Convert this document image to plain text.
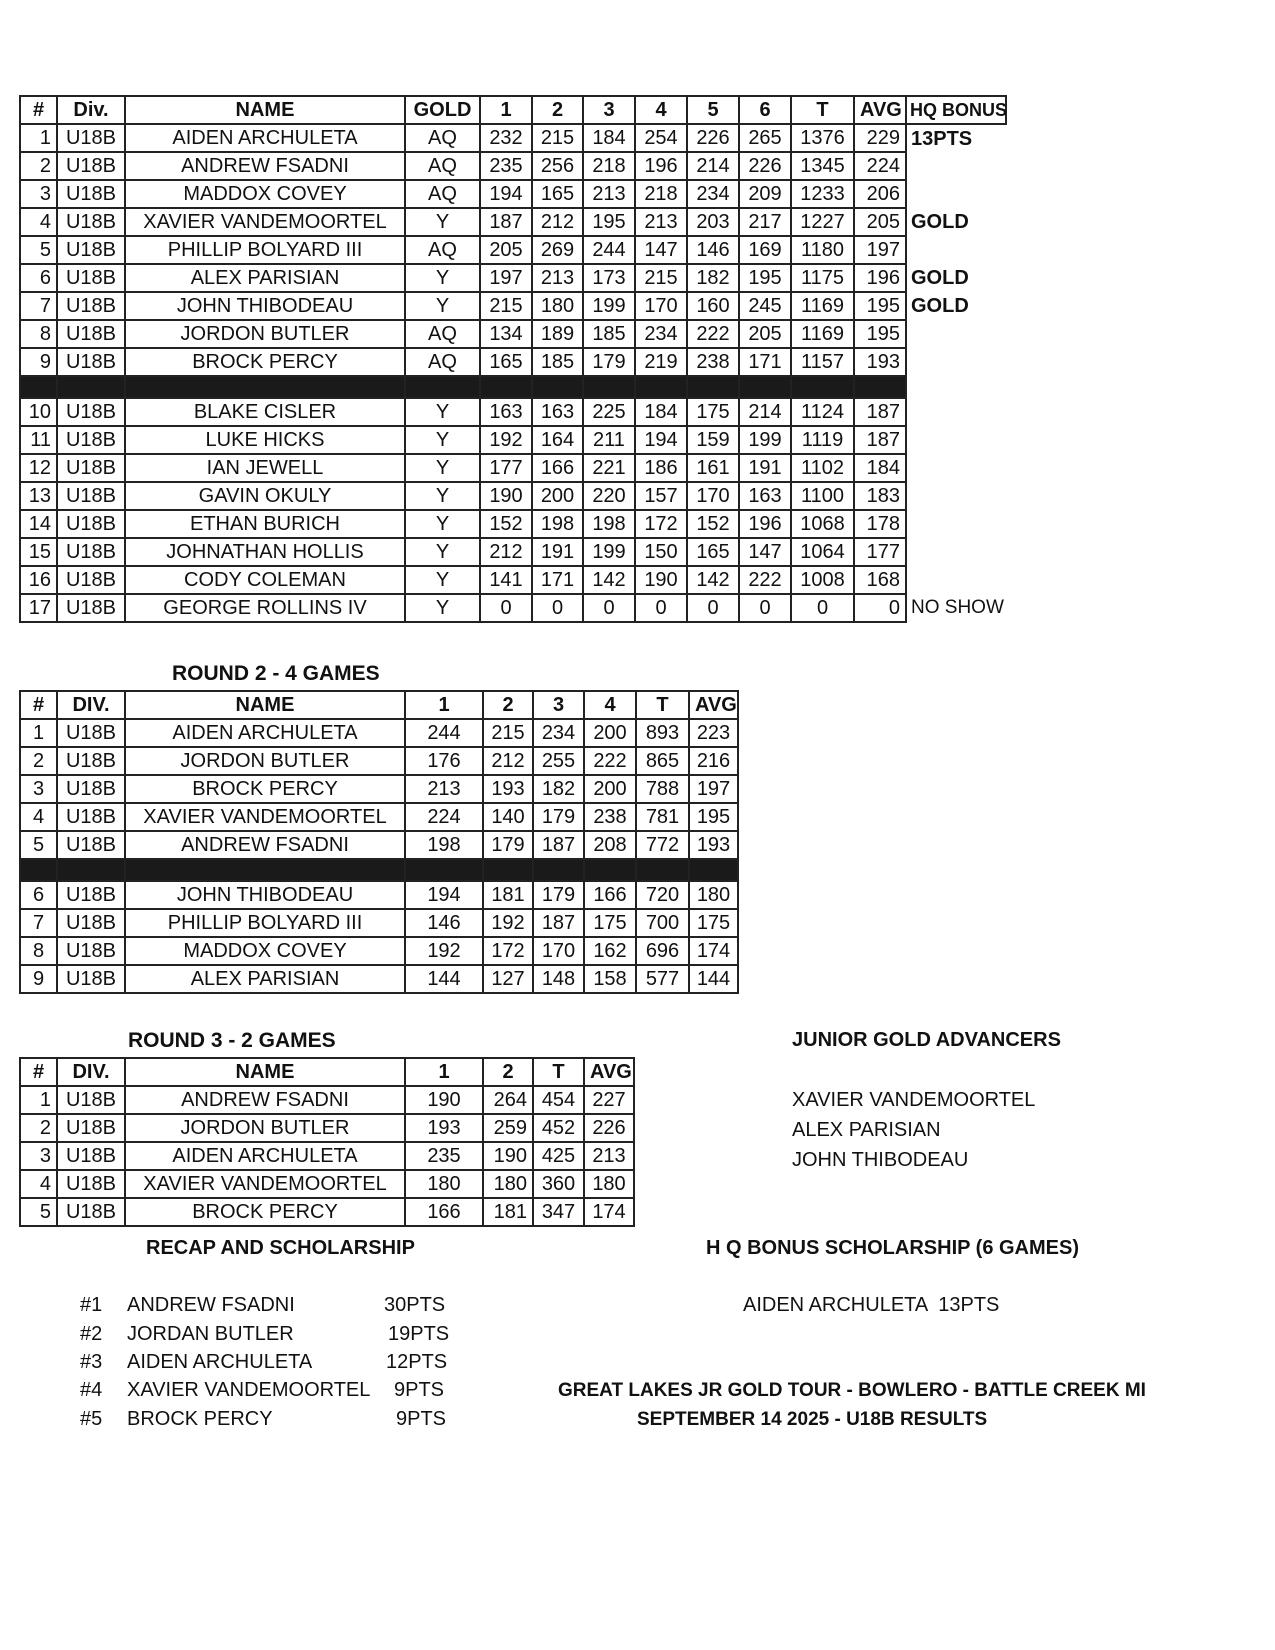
#	Div.	NAME	GOLD	1	2	3	4	5	6	T	AVG	HQ BONUS
1	U18B	AIDEN ARCHULETA	AQ	232	215	184	254	226	265	1376	229	13PTS
2	U18B	ANDREW FSADNI	AQ	235	256	218	196	214	226	1345	224	
3	U18B	MADDOX COVEY	AQ	194	165	213	218	234	209	1233	206	
4	U18B	XAVIER VANDEMOORTEL	Y	187	212	195	213	203	217	1227	205	GOLD
5	U18B	PHILLIP BOLYARD III	AQ	205	269	244	147	146	169	1180	197	
6	U18B	ALEX PARISIAN	Y	197	213	173	215	182	195	1175	196	GOLD
7	U18B	JOHN THIBODEAU	Y	215	180	199	170	160	245	1169	195	GOLD
8	U18B	JORDON BUTLER	AQ	134	189	185	234	222	205	1169	195	
9	U18B	BROCK PERCY	AQ	165	185	179	219	238	171	1157	193	

10	U18B	BLAKE CISLER	Y	163	163	225	184	175	214	1124	187	
11	U18B	LUKE HICKS	Y	192	164	211	194	159	199	1119	187	
12	U18B	IAN JEWELL	Y	177	166	221	186	161	191	1102	184	
13	U18B	GAVIN OKULY	Y	190	200	220	157	170	163	1100	183	
14	U18B	ETHAN BURICH	Y	152	198	198	172	152	196	1068	178	
15	U18B	JOHNATHAN HOLLIS	Y	212	191	199	150	165	147	1064	177	
16	U18B	CODY COLEMAN	Y	141	171	142	190	142	222	1008	168	
17	U18B	GEORGE ROLLINS IV	Y	0	0	0	0	0	0	0	0	NO SHOW
ROUND 2 - 4 GAMES
#	DIV.	NAME	1	2	3	4	T	AVG
1	U18B	AIDEN ARCHULETA	244	215	234	200	893	223
2	U18B	JORDON BUTLER	176	212	255	222	865	216
3	U18B	BROCK PERCY	213	193	182	200	788	197
4	U18B	XAVIER VANDEMOORTEL	224	140	179	238	781	195
5	U18B	ANDREW FSADNI	198	179	187	208	772	193

6	U18B	JOHN THIBODEAU	194	181	179	166	720	180
7	U18B	PHILLIP BOLYARD III	146	192	187	175	700	175
8	U18B	MADDOX COVEY	192	172	170	162	696	174
9	U18B	ALEX PARISIAN	144	127	148	158	577	144
ROUND 3 - 2 GAMES
#	DIV.	NAME	1	2	T	AVG
1	U18B	ANDREW FSADNI	190	264	454	227
2	U18B	JORDON BUTLER	193	259	452	226
3	U18B	AIDEN ARCHULETA	235	190	425	213
4	U18B	XAVIER VANDEMOORTEL	180	180	360	180
5	U18B	BROCK PERCY	166	181	347	174
JUNIOR GOLD ADVANCERS
XAVIER VANDEMOORTEL
ALEX PARISIAN
JOHN THIBODEAU
RECAP AND SCHOLARSHIP
#1 ANDREW FSADNI	30PTS
#2 JORDAN BUTLER	19PTS
#3 AIDEN ARCHULETA	12PTS
#4 XAVIER VANDEMOORTEL 9PTS
#5 BROCK PERCY	9PTS
H Q BONUS SCHOLARSHIP (6 GAMES)
AIDEN ARCHULETA  13PTS
GREAT LAKES JR GOLD TOUR - BOWLERO - BATTLE CREEK MI
SEPTEMBER 14 2025 - U18B RESULTS
